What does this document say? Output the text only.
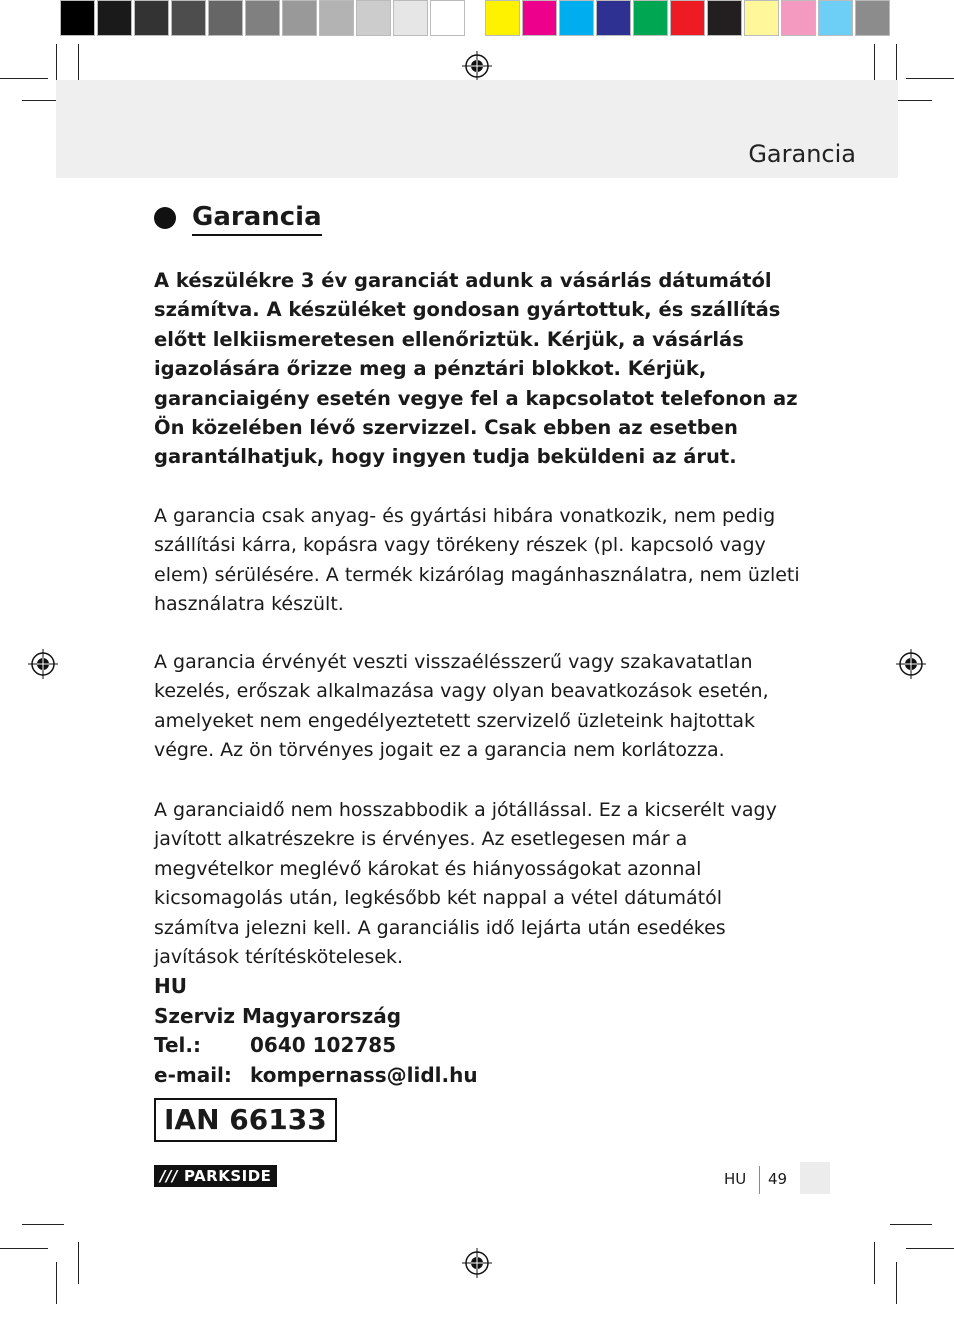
Garancia
Garancia
A készülékre 3 év garanciát adunk a vásárlás dátumától számítva. A készüléket gondosan gyártottuk, és szállítás előtt lelkiismeretesen ellenőriztük. Kérjük, a vásárlás igazolására őrizze meg a pénztári blokkot. Kérjük, garanciaigény esetén vegye fel a kapcsolatot telefonon az Ön közelében lévő szervizzel. Csak ebben az esetben garantálhatjuk, hogy ingyen tudja beküldeni az árut.
A garancia csak anyag- és gyártási hibára vonatkozik, nem pedig szállítási kárra, kopásra vagy törékeny részek (pl. kapcsoló vagy elem) sérülésére. A termék kizárólag magánhasználatra, nem üzleti használatra készült.
A garancia érvényét veszti visszaélésszerű vagy szakavatatlan kezelés, erőszak alkalmazása vagy olyan beavatkozások esetén, amelyeket nem engedélyeztetett szervizelő üzleteink hajtottak végre. Az ön törvényes jogait ez a garancia nem korlátozza.
A garanciaidő nem hosszabbodik a jótállással. Ez a kicserélt vagy javított alkatrészekre is érvényes. Az esetlegesen már a megvételkor meglévő károkat és hiányosságokat azonnal kicsomagolás után, legkésőbb két nappal a vétel dátumától számítva jelezni kell. A garanciális idő lejárta után esedékes javítások térítéskötelesek.
HU
Szerviz Magyarország
Tel.:	0640 102785
e-mail: kompernass@lidl.hu
IAN 66133
/// PARKSIDE	HU 49
